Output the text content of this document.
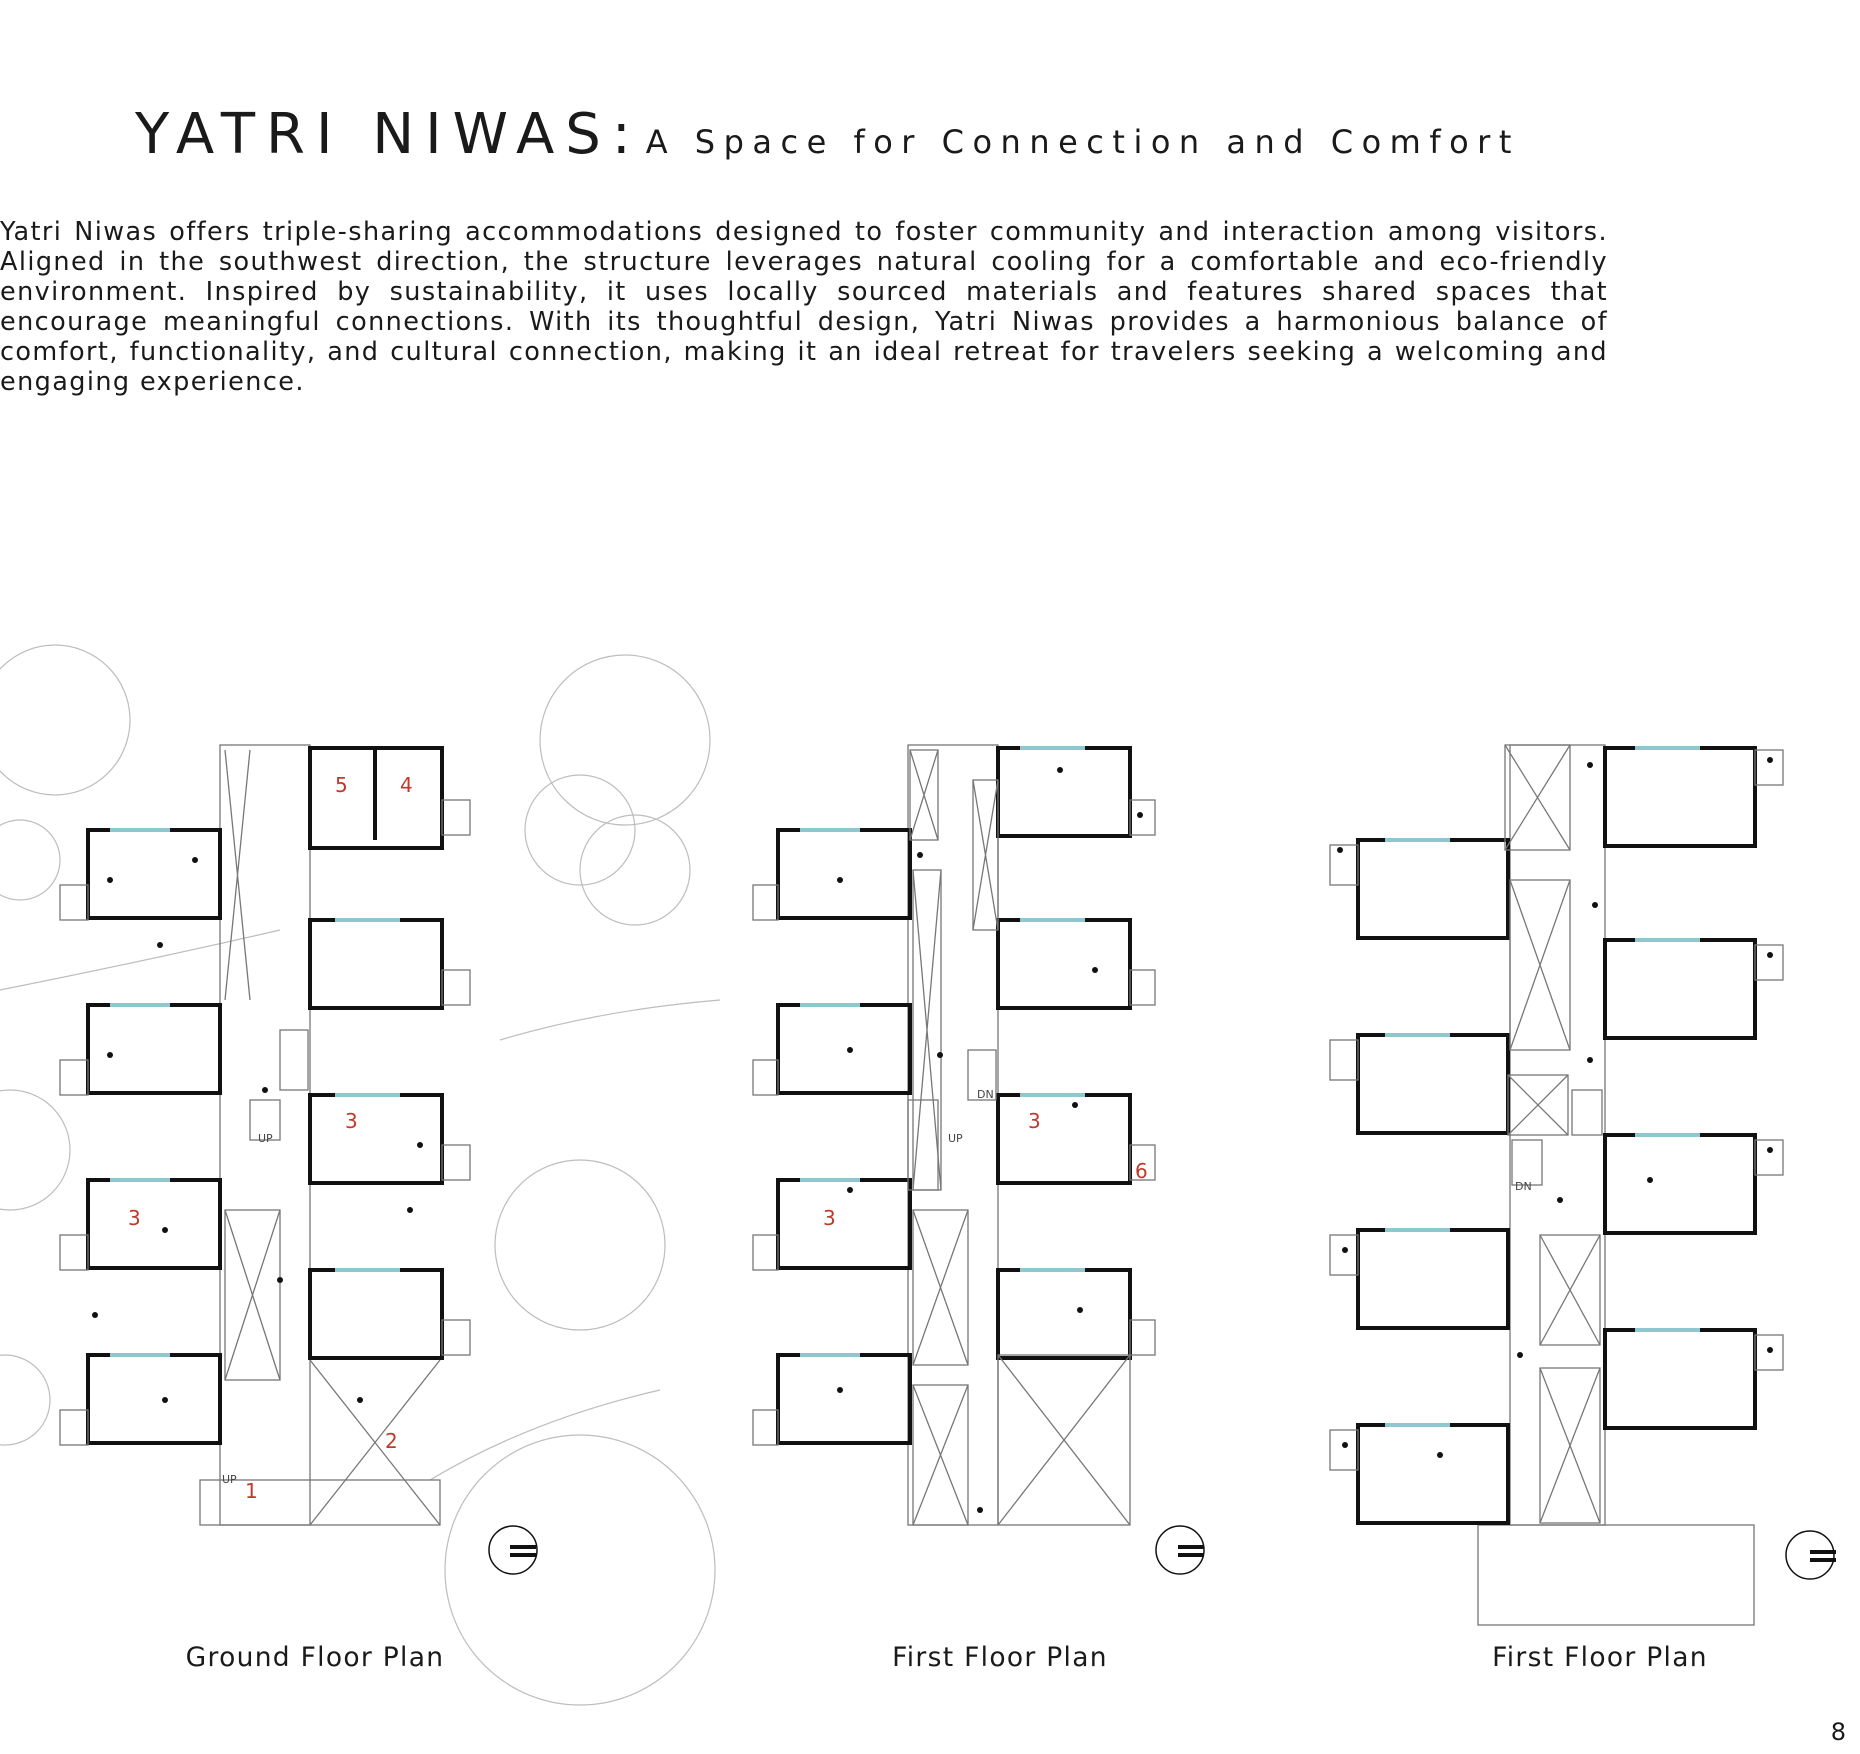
YATRI NIWAS: A Space for Connection and Comfort

Yatri Niwas offers triple-sharing accommodations designed to foster community and interaction among visitors. Aligned in the southwest direction, the structure leverages natural cooling for a comfortable and eco-friendly environment. Inspired by sustainability, it uses locally sourced materials and features shared spaces that encourage meaningful connections. With its thoughtful design, Yatri Niwas provides a harmonious balance of comfort, functionality, and cultural connection, making it an ideal retreat for travelers seeking a welcoming and engaging experience.

5	4
3
3
2
1
UP
UP
3
6
3
UP
DN
DN
Ground Floor Plan	First Floor Plan	First Floor Plan
8
